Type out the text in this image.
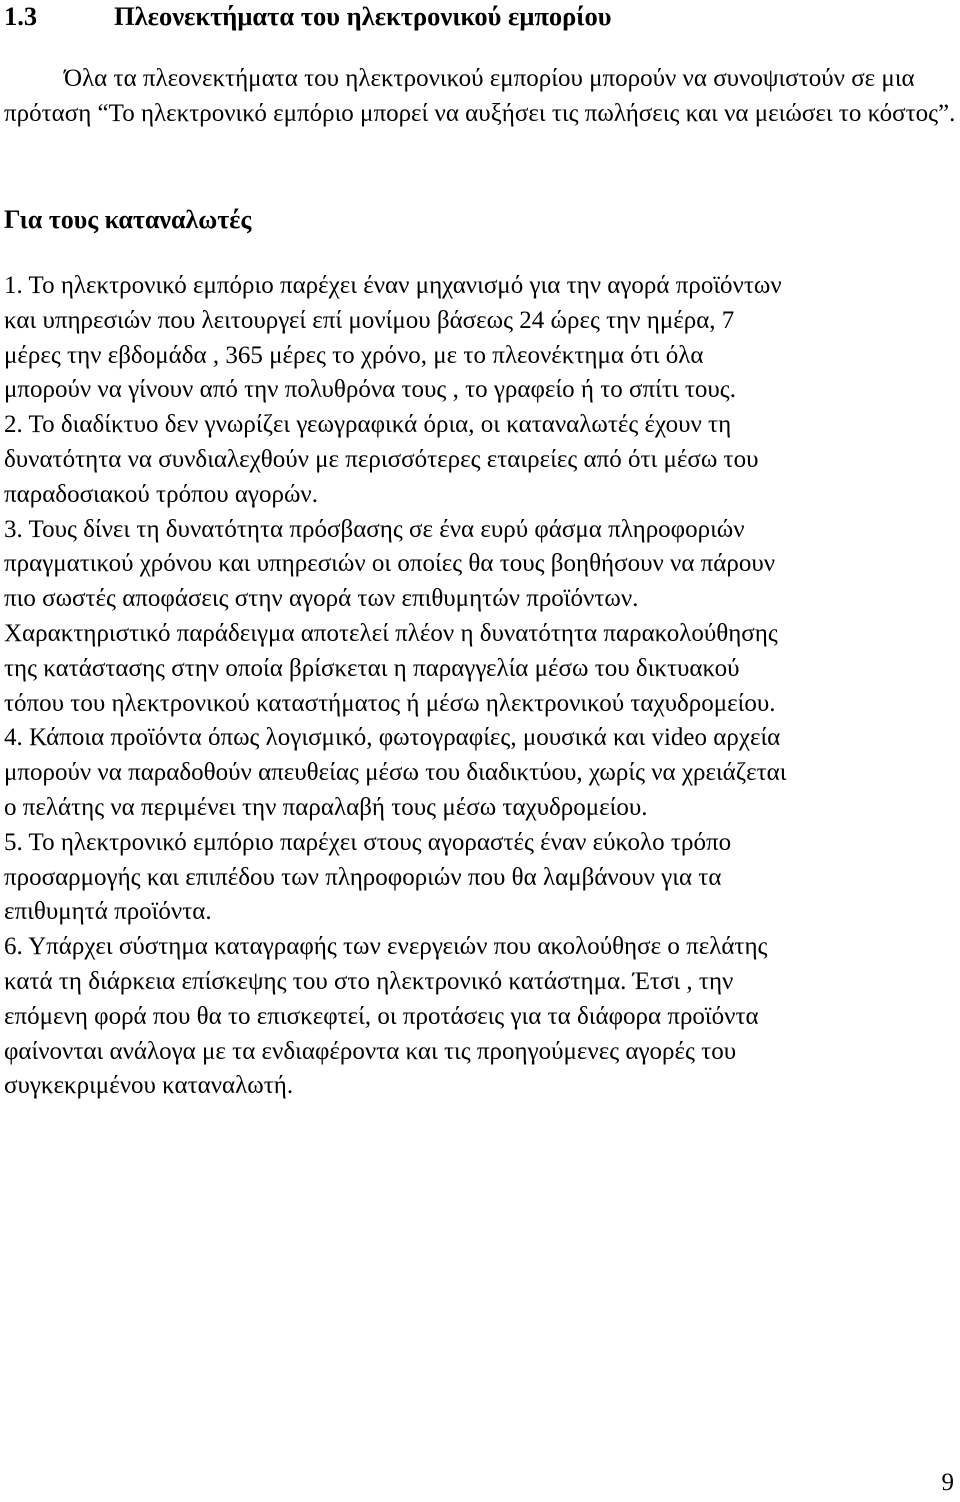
1.3	Πλεονεκτήματα του ηλεκτρονικού εμπορίου

Όλα τα πλεονεκτήματα του ηλεκτρονικού εμπορίου μπορούν να συνοψιστούν σε μια πρόταση “Το ηλεκτρονικό εμπόριο μπορεί να αυξήσει τις πωλήσεις και να μειώσει το κόστος”.

Για τους καταναλωτές
1. Το ηλεκτρονικό εμπόριο παρέχει έναν μηχανισμό για την αγορά προϊόντων
και υπηρεσιών που λειτουργεί επί μονίμου βάσεως 24 ώρες την ημέρα, 7
μέρες την εβδομάδα , 365 μέρες το χρόνο, με το πλεονέκτημα ότι όλα
μπορούν να γίνουν από την πολυθρόνα τους , το γραφείο ή το σπίτι τους.
2. Το διαδίκτυο δεν γνωρίζει γεωγραφικά όρια, οι καταναλωτές έχουν τη
δυνατότητα να συνδιαλεχθούν με περισσότερες εταιρείες από ότι μέσω του
παραδοσιακού τρόπου αγορών.
3. Τους δίνει τη δυνατότητα πρόσβασης σε ένα ευρύ φάσμα πληροφοριών
πραγματικού χρόνου και υπηρεσιών οι οποίες θα τους βοηθήσουν να πάρουν
πιο σωστές αποφάσεις στην αγορά των επιθυμητών προϊόντων.
Χαρακτηριστικό παράδειγμα αποτελεί πλέον η δυνατότητα παρακολούθησης
της κατάστασης στην οποία βρίσκεται η παραγγελία μέσω του δικτυακού
τόπου του ηλεκτρονικού καταστήματος ή μέσω ηλεκτρονικού ταχυδρομείου.
4. Κάποια προϊόντα όπως λογισμικό, φωτογραφίες, μουσικά και video αρχεία
μπορούν να παραδοθούν απευθείας μέσω του διαδικτύου, χωρίς να χρειάζεται
ο πελάτης να περιμένει την παραλαβή τους μέσω ταχυδρομείου.
5. Το ηλεκτρονικό εμπόριο παρέχει στους αγοραστές έναν εύκολο τρόπο
προσαρμογής και επιπέδου των πληροφοριών που θα λαμβάνουν για τα
επιθυμητά προϊόντα.
6. Υπάρχει σύστημα καταγραφής των ενεργειών που ακολούθησε ο πελάτης
κατά τη διάρκεια επίσκεψης του στο ηλεκτρονικό κατάστημα. Έτσι , την
επόμενη φορά που θα το επισκεφτεί, οι προτάσεις για τα διάφορα προϊόντα
φαίνονται ανάλογα με τα ενδιαφέροντα και τις προηγούμενες αγορές του
συγκεκριμένου καταναλωτή.
9
